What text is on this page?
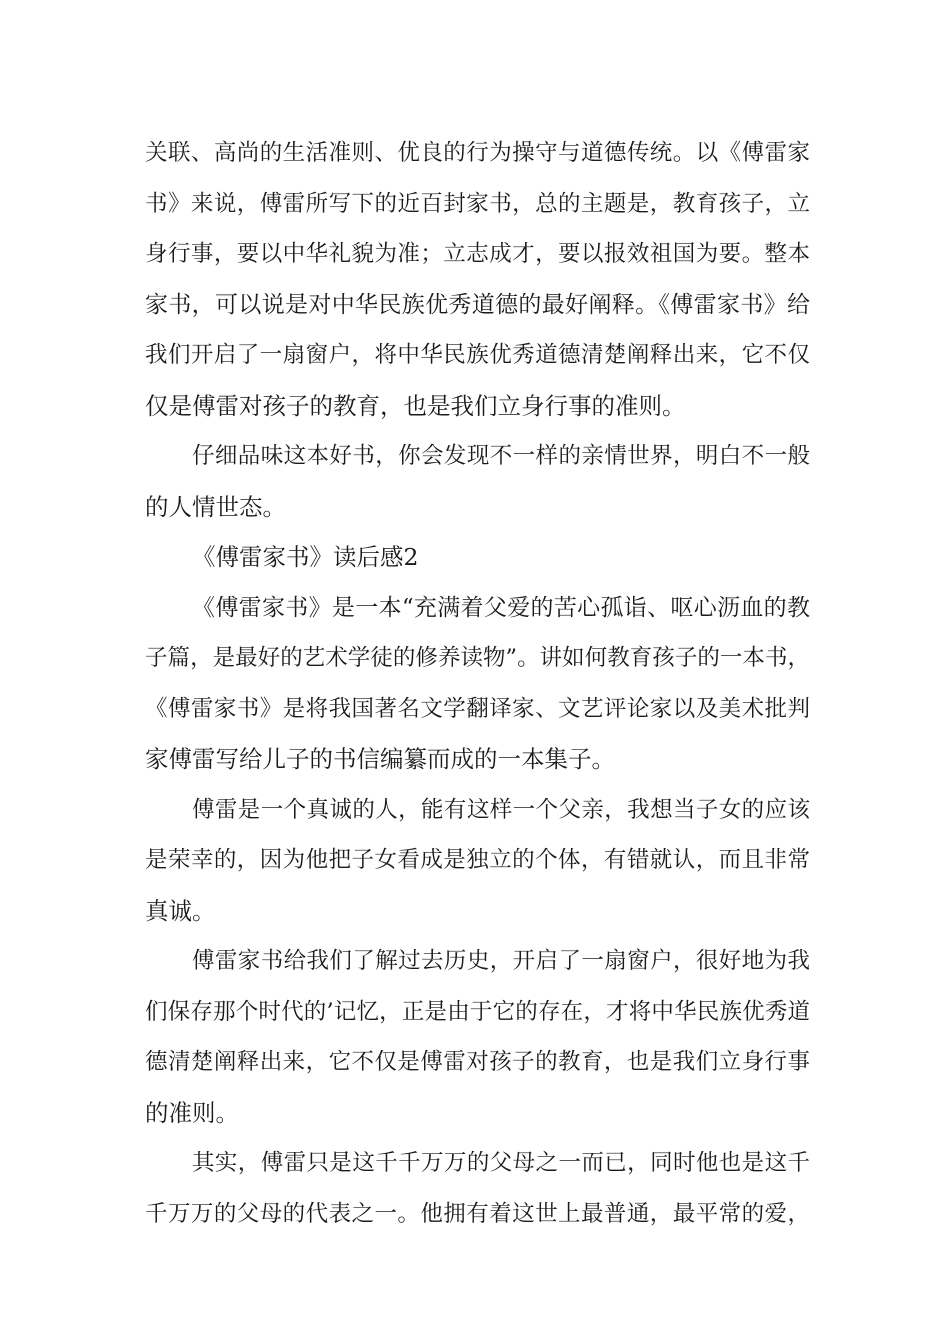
关联、高尚的生活准则、优良的行为操守与道德传统。以《傅雷家
书》来说，傅雷所写下的近百封家书，总的主题是，教育孩子，立
身行事，要以中华礼貌为准；立志成才，要以报效祖国为要。整本
家书，可以说是对中华民族优秀道德的最好阐释。《傅雷家书》给
我们开启了一扇窗户，将中华民族优秀道德清楚阐释出来，它不仅
仅是傅雷对孩子的教育，也是我们立身行事的准则。
仔细品味这本好书，你会发现不一样的亲情世界，明白不一般
的人情世态。
《傅雷家书》读后感2
《傅雷家书》是一本“充满着父爱的苦心孤诣、呕心沥血的教
子篇，是最好的艺术学徒的修养读物”。讲如何教育孩子的一本书，
《傅雷家书》是将我国著名文学翻译家、文艺评论家以及美术批判
家傅雷写给儿子的书信编纂而成的一本集子。
傅雷是一个真诚的人，能有这样一个父亲，我想当子女的应该
是荣幸的，因为他把子女看成是独立的个体，有错就认，而且非常
真诚。
傅雷家书给我们了解过去历史，开启了一扇窗户，很好地为我
们保存那个时代的’记忆，正是由于它的存在，才将中华民族优秀道
德清楚阐释出来，它不仅是傅雷对孩子的教育，也是我们立身行事
的准则。
其实，傅雷只是这千千万万的父母之一而已，同时他也是这千
千万万的父母的代表之一。他拥有着这世上最普通，最平常的爱，
